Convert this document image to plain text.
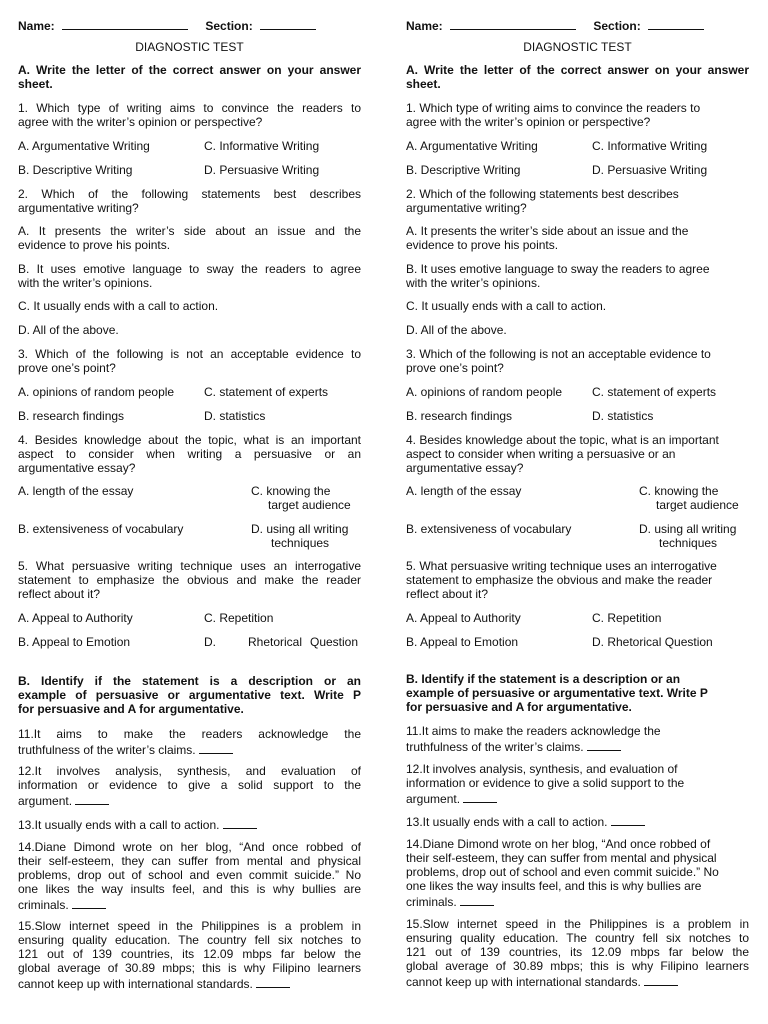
Name:	Section:
DIAGNOSTIC TEST
A. Write the letter of the correct answer on your answer
sheet.
1. Which type of writing aims to convince the readers to
agree with the writer’s opinion or perspective?
A. Argumentative Writing	C. Informative Writing
B. Descriptive Writing	D. Persuasive Writing
2. Which of the following statements best describes
argumentative writing?
A. It presents the writer’s side about an issue and the
evidence to prove his points.
B. It uses emotive language to sway the readers to agree
with the writer’s opinions.
C. It usually ends with a call to action.
D. All of the above.
3. Which of the following is not an acceptable evidence to
prove one’s point?
A. opinions of random people C. statement of experts
B. research findings	D. statistics
4. Besides knowledge about the topic, what is an important
aspect to consider when writing a persuasive or an
argumentative essay?
A. length of the essay	C. knowing the
target audience
B. extensiveness of vocabulary	D. using all writing
techniques
5. What persuasive writing technique uses an interrogative
statement to emphasize the obvious and make the reader
reflect about it?
A. Appeal to Authority	C. Repetition
B. Appeal to Emotion	D.	Rhetorical Question
B. Identify if the statement is a description or an
example of persuasive or argumentative text. Write P
for persuasive and A for argumentative.
11.It aims to make the readers acknowledge the
truthfulness of the writer’s claims.
12.It involves analysis, synthesis, and evaluation of
information or evidence to give a solid support to the
argument.
13.It usually ends with a call to action.
14.Diane Dimond wrote on her blog, “And once robbed of
their self-esteem, they can suffer from mental and physical
problems, drop out of school and even commit suicide.” No
one likes the way insults feel, and this is why bullies are
criminals.
15.Slow internet speed in the Philippines is a problem in
ensuring quality education. The country fell six notches to
121 out of 139 countries, its 12.09 mbps far below the
global average of 30.89 mbps; this is why Filipino learners
cannot keep up with international standards.
Name:	Section:
DIAGNOSTIC TEST
A. Write the letter of the correct answer on your answer
sheet.
1. Which type of writing aims to convince the readers to
agree with the writer’s opinion or perspective?
A. Argumentative Writing	C. Informative Writing
B. Descriptive Writing	D. Persuasive Writing
2. Which of the following statements best describes
argumentative writing?
A. It presents the writer’s side about an issue and the
evidence to prove his points.
B. It uses emotive language to sway the readers to agree
with the writer’s opinions.
C. It usually ends with a call to action.
D. All of the above.
3. Which of the following is not an acceptable evidence to
prove one’s point?
A. opinions of random people C. statement of experts
B. research findings	D. statistics
4. Besides knowledge about the topic, what is an important
aspect to consider when writing a persuasive or an
argumentative essay?
A. length of the essay	C. knowing the
target audience
B. extensiveness of vocabulary	D. using all writing
techniques
5. What persuasive writing technique uses an interrogative
statement to emphasize the obvious and make the reader
reflect about it?
A. Appeal to Authority	C. Repetition
B. Appeal to Emotion	D. Rhetorical Question
B. Identify if the statement is a description or an
example of persuasive or argumentative text. Write P
for persuasive and A for argumentative.
11.It aims to make the readers acknowledge the
truthfulness of the writer’s claims.
12.It involves analysis, synthesis, and evaluation of
information or evidence to give a solid support to the
argument.
13.It usually ends with a call to action.
14.Diane Dimond wrote on her blog, “And once robbed of
their self-esteem, they can suffer from mental and physical
problems, drop out of school and even commit suicide.” No
one likes the way insults feel, and this is why bullies are
criminals.
15.Slow internet speed in the Philippines is a problem in
ensuring quality education. The country fell six notches to
121 out of 139 countries, its 12.09 mbps far below the
global average of 30.89 mbps; this is why Filipino learners
cannot keep up with international standards.
